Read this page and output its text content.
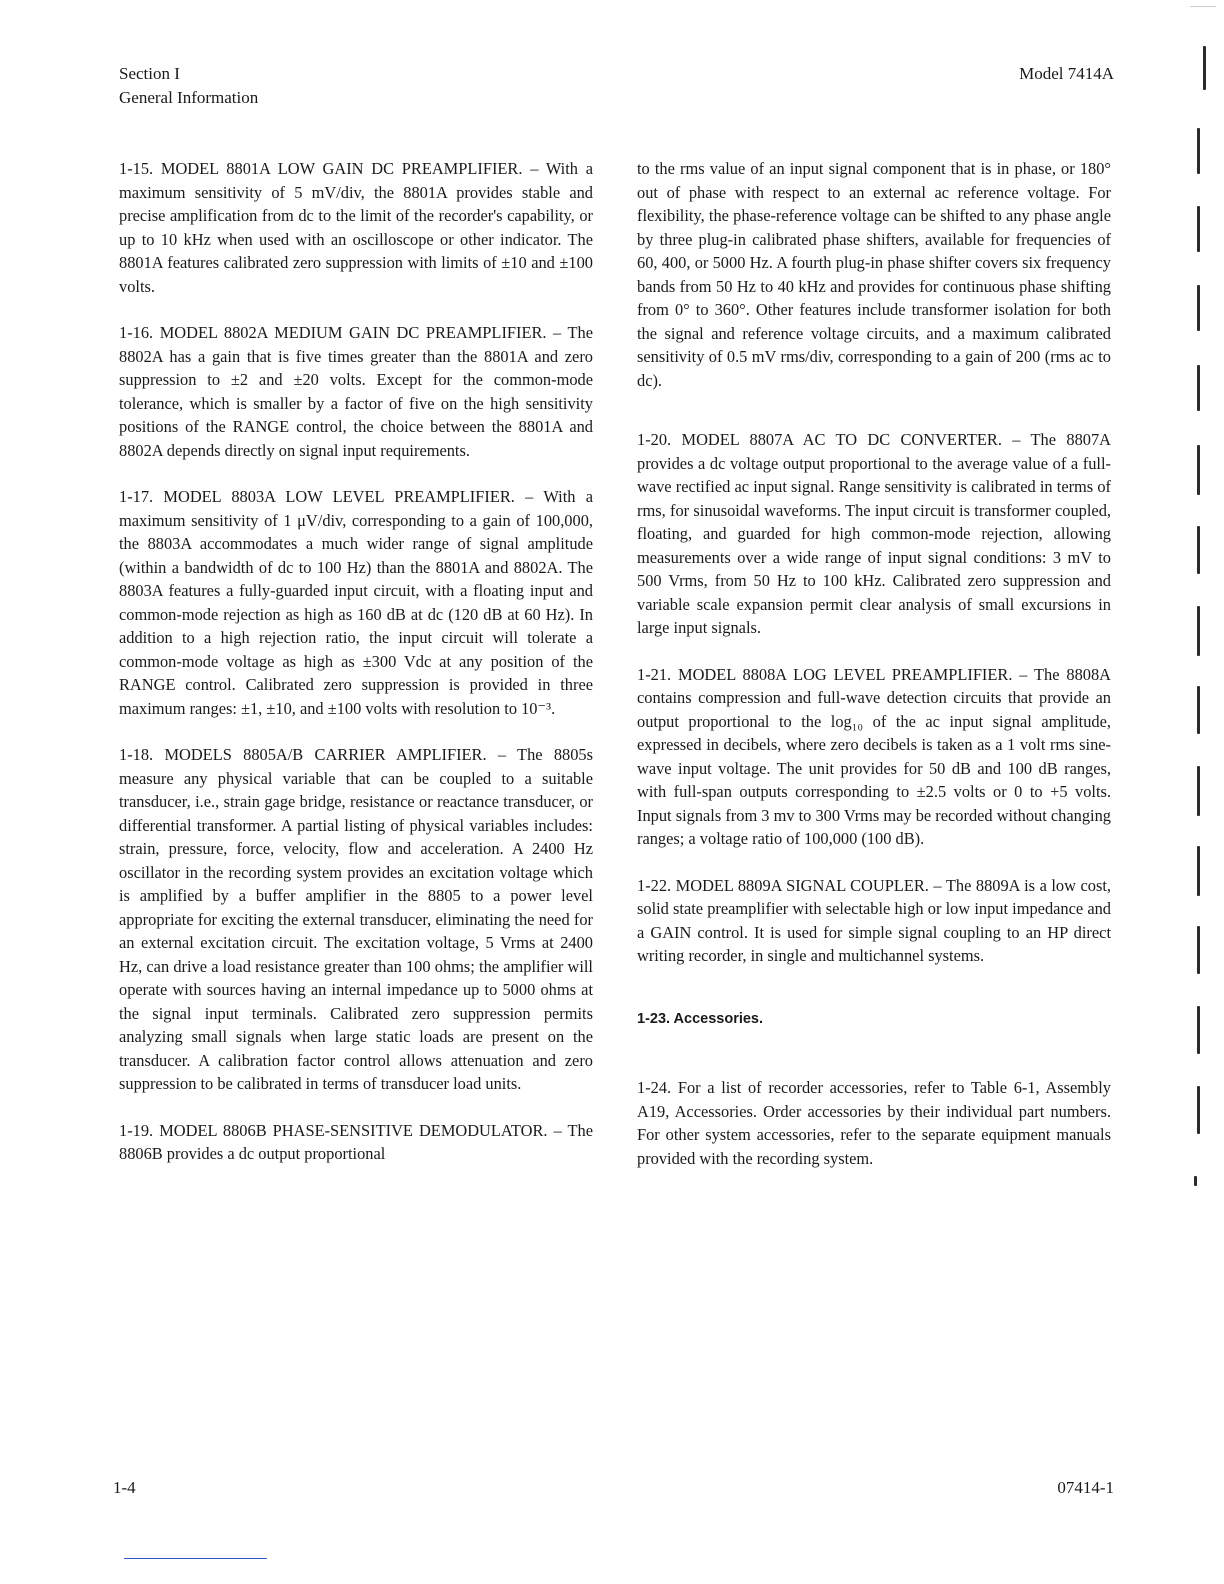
Section I
General Information
Model 7414A

1-15. MODEL 8801A LOW GAIN DC PREAMPLIFIER. – With a maximum sensitivity of 5 mV/div, the 8801A provides stable and precise amplification from dc to the limit of the recorder's capability, or up to 10 kHz when used with an oscilloscope or other indicator. The 8801A features calibrated zero suppression with limits of ±10 and ±100 volts.

1-16. MODEL 8802A MEDIUM GAIN DC PREAMPLIFIER. – The 8802A has a gain that is five times greater than the 8801A and zero suppression to ±2 and ±20 volts. Except for the common-mode tolerance, which is smaller by a factor of five on the high sensitivity positions of the RANGE control, the choice between the 8801A and 8802A depends directly on signal input requirements.

1-17. MODEL 8803A LOW LEVEL PREAMPLIFIER. – With a maximum sensitivity of 1 μV/div, corresponding to a gain of 100,000, the 8803A accommodates a much wider range of signal amplitude (within a bandwidth of dc to 100 Hz) than the 8801A and 8802A. The 8803A features a fully-guarded input circuit, with a floating input and common-mode rejection as high as 160 dB at dc (120 dB at 60 Hz). In addition to a high rejection ratio, the input circuit will tolerate a common-mode voltage as high as ±300 Vdc at any position of the RANGE control. Calibrated zero suppression is provided in three maximum ranges: ±1, ±10, and ±100 volts with resolution to 10⁻³.

1-18. MODELS 8805A/B CARRIER AMPLIFIER. – The 8805s measure any physical variable that can be coupled to a suitable transducer, i.e., strain gage bridge, resistance or reactance transducer, or differential transformer. A partial listing of physical variables includes: strain, pressure, force, velocity, flow and acceleration. A 2400 Hz oscillator in the recording system provides an excitation voltage which is amplified by a buffer amplifier in the 8805 to a power level appropriate for exciting the external transducer, eliminating the need for an external excitation circuit. The excitation voltage, 5 Vrms at 2400 Hz, can drive a load resistance greater than 100 ohms; the amplifier will operate with sources having an internal impedance up to 5000 ohms at the signal input terminals. Calibrated zero suppression permits analyzing small signals when large static loads are present on the transducer. A calibration factor control allows attenuation and zero suppression to be calibrated in terms of transducer load units.

1-19. MODEL 8806B PHASE-SENSITIVE DEMODULATOR. – The 8806B provides a dc output proportional

to the rms value of an input signal component that is in phase, or 180° out of phase with respect to an external ac reference voltage. For flexibility, the phase-reference voltage can be shifted to any phase angle by three plug-in calibrated phase shifters, available for frequencies of 60, 400, or 5000 Hz. A fourth plug-in phase shifter covers six frequency bands from 50 Hz to 40 kHz and provides for continuous phase shifting from 0° to 360°. Other features include transformer isolation for both the signal and reference voltage circuits, and a maximum calibrated sensitivity of 0.5 mV rms/div, corresponding to a gain of 200 (rms ac to dc).

1-20. MODEL 8807A AC TO DC CONVERTER. – The 8807A provides a dc voltage output proportional to the average value of a full-wave rectified ac input signal. Range sensitivity is calibrated in terms of rms, for sinusoidal waveforms. The input circuit is transformer coupled, floating, and guarded for high common-mode rejection, allowing measurements over a wide range of input signal conditions: 3 mV to 500 Vrms, from 50 Hz to 100 kHz. Calibrated zero suppression and variable scale expansion permit clear analysis of small excursions in large input signals.

1-21. MODEL 8808A LOG LEVEL PREAMPLIFIER. – The 8808A contains compression and full-wave detection circuits that provide an output proportional to the log₁₀ of the ac input signal amplitude, expressed in decibels, where zero decibels is taken as a 1 volt rms sine-wave input voltage. The unit provides for 50 dB and 100 dB ranges, with full-span outputs corresponding to ±2.5 volts or 0 to +5 volts. Input signals from 3 mv to 300 Vrms may be recorded without changing ranges; a voltage ratio of 100,000 (100 dB).

1-22. MODEL 8809A SIGNAL COUPLER. – The 8809A is a low cost, solid state preamplifier with selectable high or low input impedance and a GAIN control. It is used for simple signal coupling to an HP direct writing recorder, in single and multichannel systems.

1-23. Accessories.

1-24. For a list of recorder accessories, refer to Table 6-1, Assembly A19, Accessories. Order accessories by their individual part numbers. For other system accessories, refer to the separate equipment manuals provided with the recording system.

1-4	07414-1
